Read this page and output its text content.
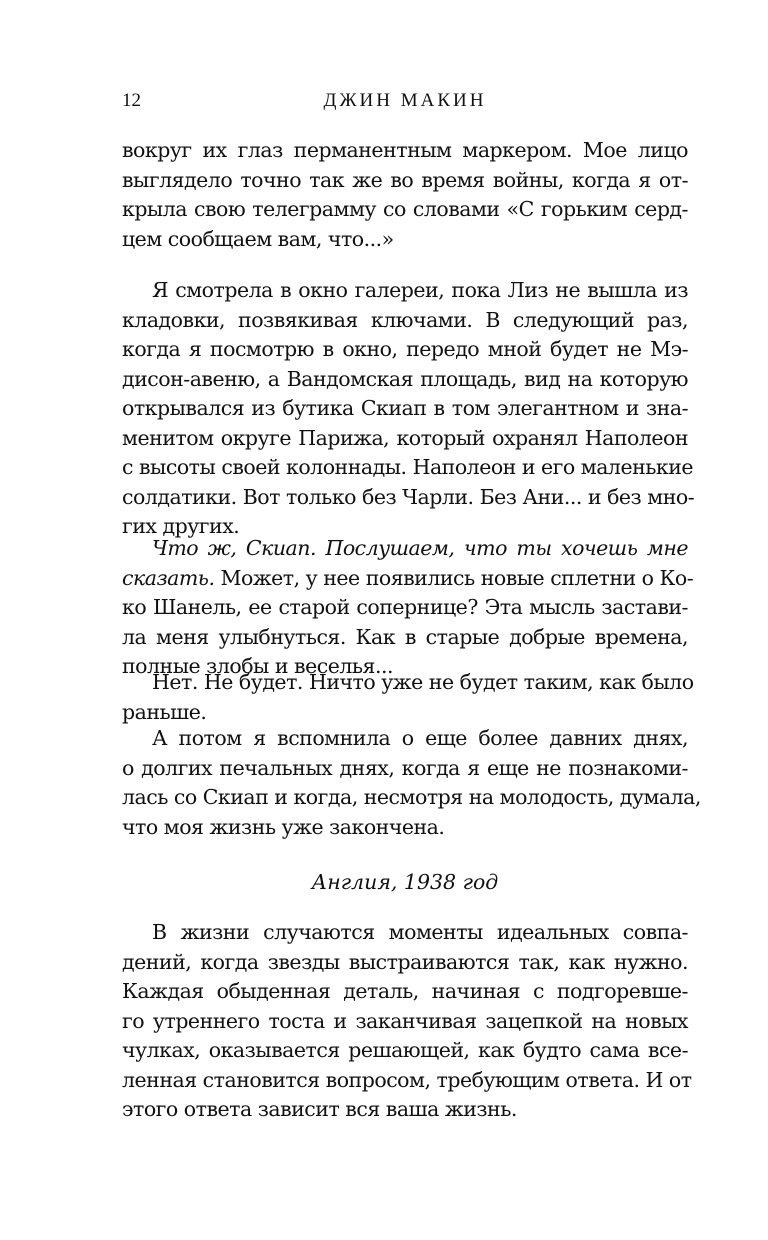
12	ДЖИН МАКИН
вокруг их глаз перманентным маркером. Мое лицо
выглядело точно так же во время войны, когда я от-
крыла свою телеграмму со словами «С горьким серд-
цем сообщаем вам, что...»
Я смотрела в окно галереи, пока Лиз не вышла из
кладовки, позвякивая ключами. В следующий раз,
когда я посмотрю в окно, передо мной будет не Мэ-
дисон-авеню, а Вандомская площадь, вид на которую
открывался из бутика Скиап в том элегантном и зна-
менитом округе Парижа, который охранял Наполеон
с высоты своей колоннады. Наполеон и его маленькие
солдатики. Вот только без Чарли. Без Ани... и без мно-
гих других.
Что ж, Скиап. Послушаем, что ты хочешь мне
сказать. Может, у нее появились новые сплетни о Ко-
ко Шанель, ее старой сопернице? Эта мысль застави-
ла меня улыбнуться. Как в старые добрые времена,
полные злобы и веселья...
Нет. Не будет. Ничто уже не будет таким, как было
раньше.
А потом я вспомнила о еще более давних днях,
о долгих печальных днях, когда я еще не познакоми-
лась со Скиап и когда, несмотря на молодость, думала,
что моя жизнь уже закончена.
Англия, 1938 год
В жизни случаются моменты идеальных совпа-
дений, когда звезды выстраиваются так, как нужно.
Каждая обыденная деталь, начиная с подгоревше-
го утреннего тоста и заканчивая зацепкой на новых
чулках, оказывается решающей, как будто сама все-
ленная становится вопросом, требующим ответа. И от
этого ответа зависит вся ваша жизнь.
